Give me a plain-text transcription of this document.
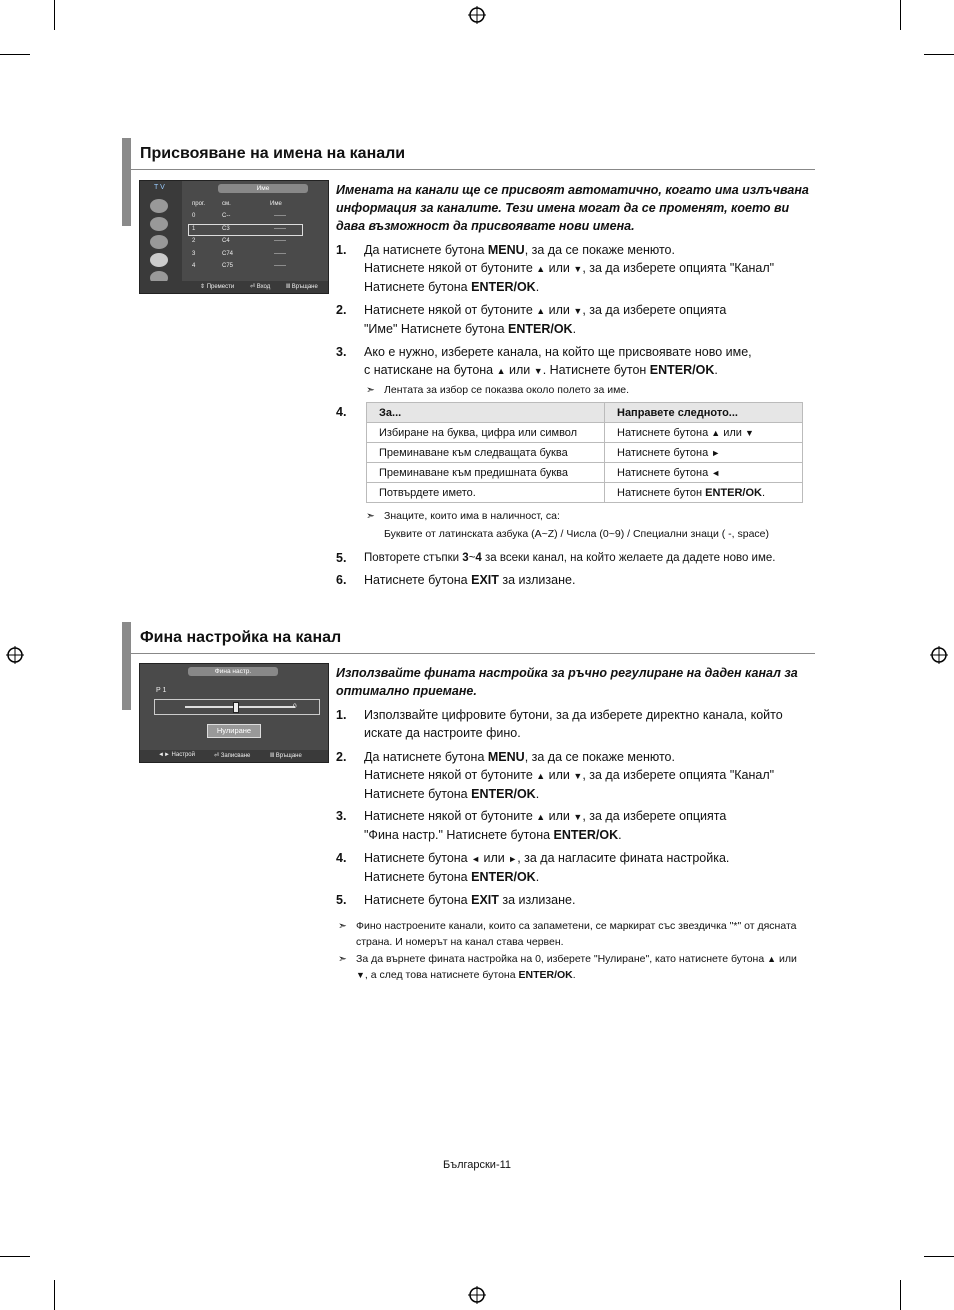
Присвояване на имена на канали
T V	Име
прог.	см.	Име
⇕ Премести	⏎ Вход	Ⅲ Връщане
0	C--	------
1	C3	------
2	C4	------
3	C74	------
4	C75	------
Имената на канали ще се присвоят автоматично, когато има излъчвана информация за каналите. Тези имена могат да се променят, което ви дава възможност да присвоявате нови имена.
➣ Лентата за избор се показва около полето за име.
За...	Направете следното...
Избиране на буква, цифра или символ	Натиснете бутона ▲ или ▼
Преминаване към следващата буква	Натиснете бутона ►
Преминаване към предишната буква	Натиснете бутона ◄
Потвърдете името.	Натиснете бутон ENTER/OK.
➣ Знаците, които има в наличност, са:
Буквите от латинската азбука (A~Z) / Числа (0~9) / Специални знаци ( -, space)
Фина настройка на канал
Фина настр.
P 1
0
Нулиране
◄► Настрой	⏎ Записване	Ⅲ Връщане
Използвайте фината настройка за ръчно регулиране на даден канал за оптимално приемане.
➣ Фино настроените канали, които са запаметени, се маркират със звездичка "*" от дясната
страна. И номерът на канал става червен.
➣ За да върнете фината настройка на 0, изберете "Нулиране", като натиснете бутона ▲ или
▼, а след това натиснете бутона ENTER/OK.
Български-11
1.	Да натиснете бутона MENU, за да се покаже менюто.
Натиснете някой от бутоните ▲ или ▼, за да изберете опцията "Канал"
Натиснете бутона ENTER/OK.
2.	Натиснете някой от бутоните ▲ или ▼, за да изберете опцията
"Име" Натиснете бутона ENTER/OK.
3.	Ако е нужно, изберете канала, на който ще присвоявате ново име,
с натискане на бутона ▲ или ▼. Натиснете бутон ENTER/OK.
4.
5.	Повторете стъпки 3~4 за всеки канал, на който желаете да дадете ново име.
6.	Натиснете бутона EXIT за излизане.
1.	Използвайте цифровите бутони, за да изберете директно канала, който
искате да настроите фино.
2.	Да натиснете бутона MENU, за да се покаже менюто.
Натиснете някой от бутоните ▲ или ▼, за да изберете опцията "Канал"
Натиснете бутона ENTER/OK.
3.	Натиснете някой от бутоните ▲ или ▼, за да изберете опцията
"Фина настр." Натиснете бутона ENTER/OK.
4.	Натиснете бутона ◄ или ►, за да нагласите фината настройка.
Натиснете бутона ENTER/OK.
5.	Натиснете бутона EXIT за излизане.
